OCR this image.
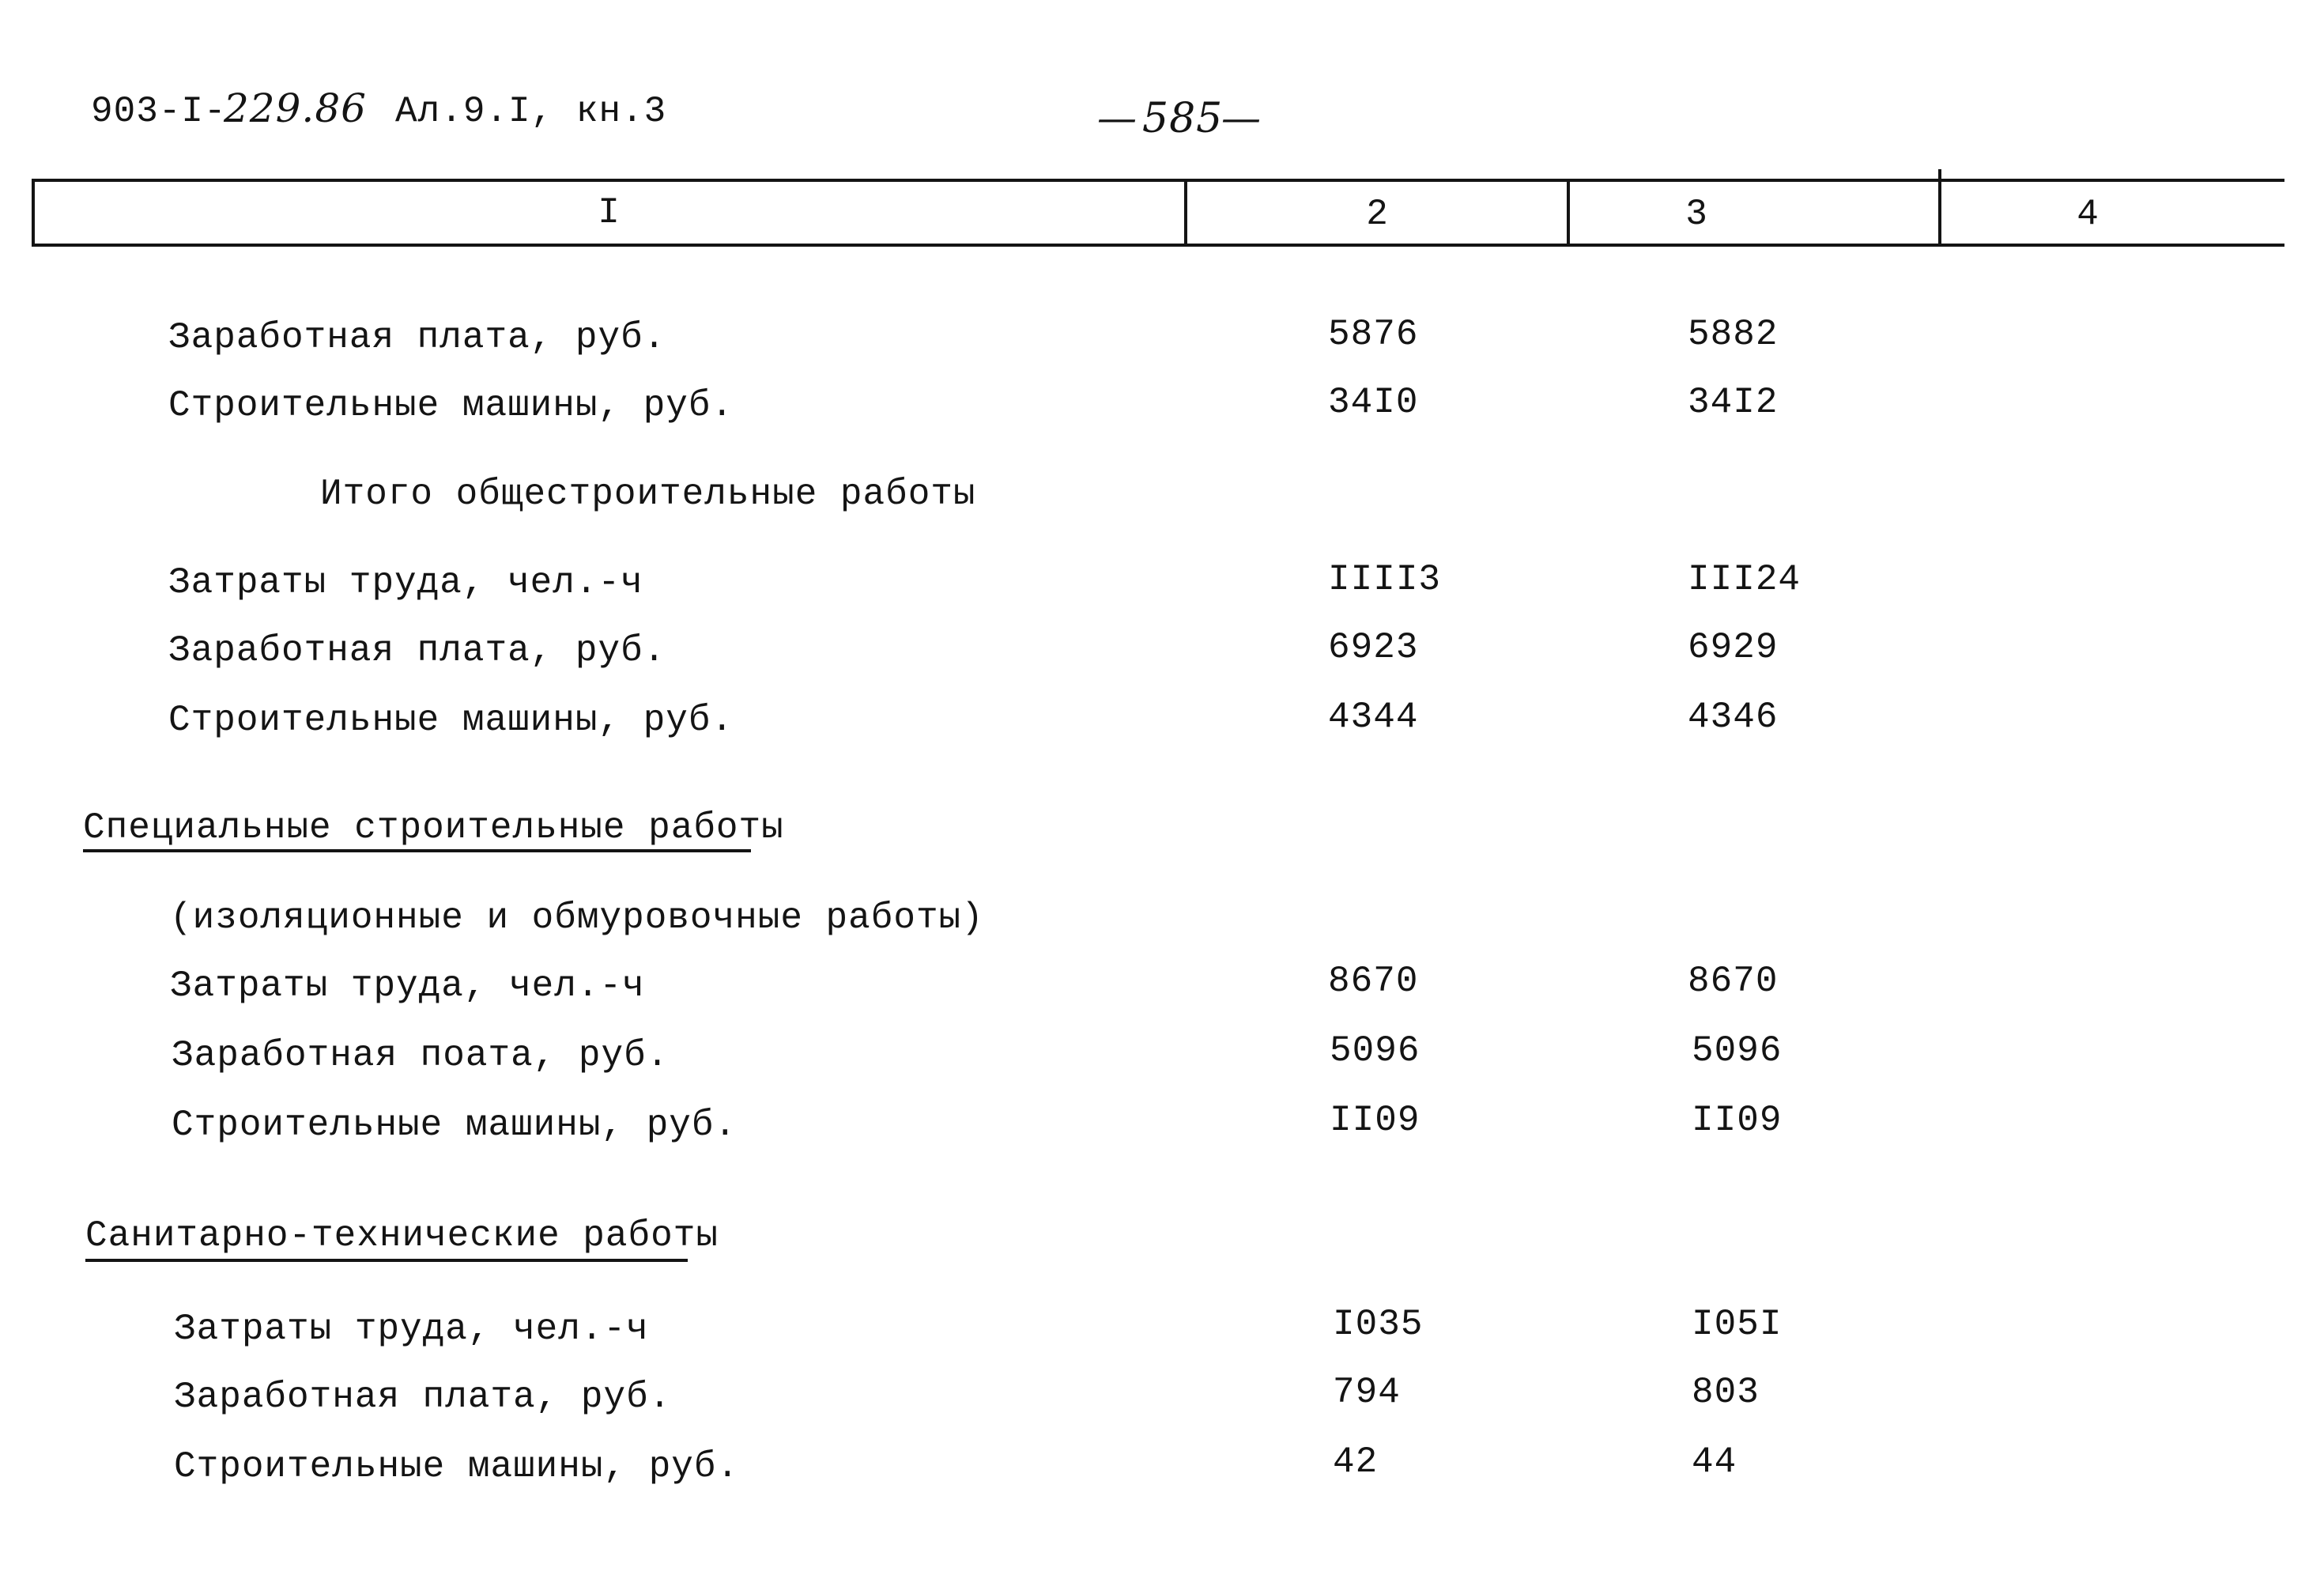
903-I-
229.86 Ал.9.I, кн.3	— 585
—
I	2	3	4
Заработная плата, руб.	5876	5882
Строительные машины, руб.	34I0	34I2
Итого общестроительные работы
Затраты труда, чел.-ч	IIII3	III24
Заработная плата, руб.	6923	6929
Строительные машины, руб.	4344	4346
Специальные строительные работы
(изоляционные и обмуровочные работы)
Затраты труда, чел.-ч	8670	8670
Заработная поата, руб.	5096	5096
Строительные машины, руб.	II09	II09
Санитарно-технические работы
Затраты труда, чел.-ч	I035	I05I
Заработная плата, руб.	794	803
Строительные машины, руб.	42	44
